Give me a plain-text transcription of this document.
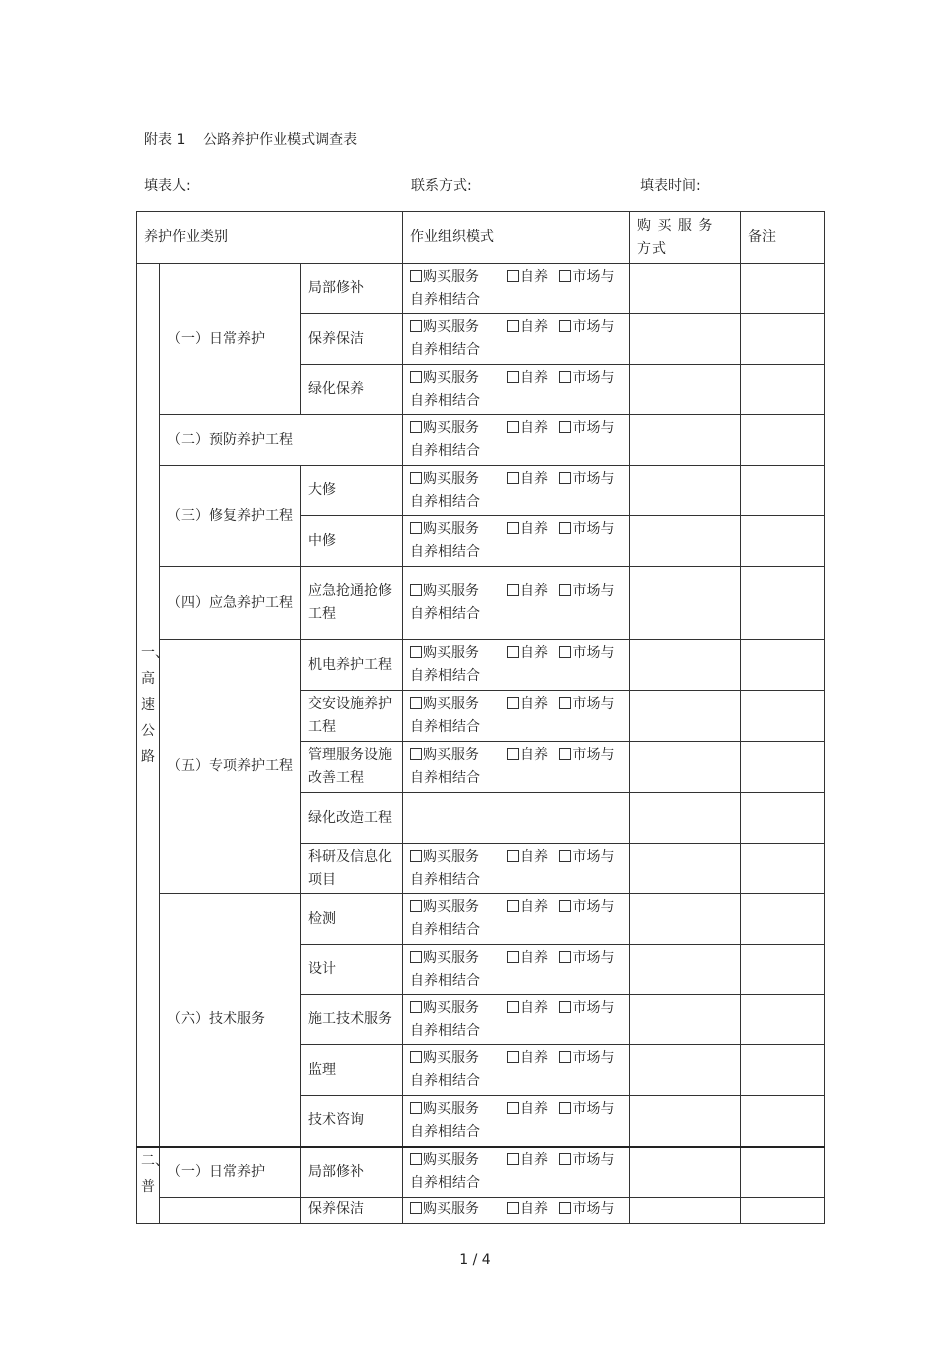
附表 1    公路养护作业模式调查表
填表人:	联系方式:	填表时间:
养护作业类别			作业组织模式	购 买 服 务 方式	备注

一、高速公路	（一）日常养护	局部修补	购买服务   自养  市场与
自养相结合		
		保养保洁	购买服务   自养  市场与
自养相结合		
		绿化保养	购买服务   自养  市场与
自养相结合		
	（二）预防养护工程		购买服务   自养  市场与
自养相结合		
	（三）修复养护工程	大修	购买服务   自养  市场与
自养相结合		
		中修	购买服务   自养  市场与
自养相结合		
	（四）应急养护工程	应急抢通抢修工程	购买服务   自养  市场与
自养相结合		
	（五）专项养护工程	机电养护工程	购买服务   自养  市场与
自养相结合		
		交安设施养护工程	购买服务   自养  市场与
自养相结合		
		管理服务设施改善工程	购买服务   自养  市场与
自养相结合		
		绿化改造工程			
		科研及信息化项目	购买服务   自养  市场与
自养相结合		
	（六）技术服务	检测	购买服务   自养  市场与
自养相结合		
		设计	购买服务   自养  市场与
自养相结合		
		施工技术服务	购买服务   自养  市场与
自养相结合		
		监理	购买服务   自养  市场与
自养相结合		
		技术咨询	购买服务   自养  市场与
自养相结合		

二、普	（一）日常养护	局部修补	购买服务   自养  市场与
自养相结合		
		保养保洁	购买服务   自养  市场与		

1 / 4
